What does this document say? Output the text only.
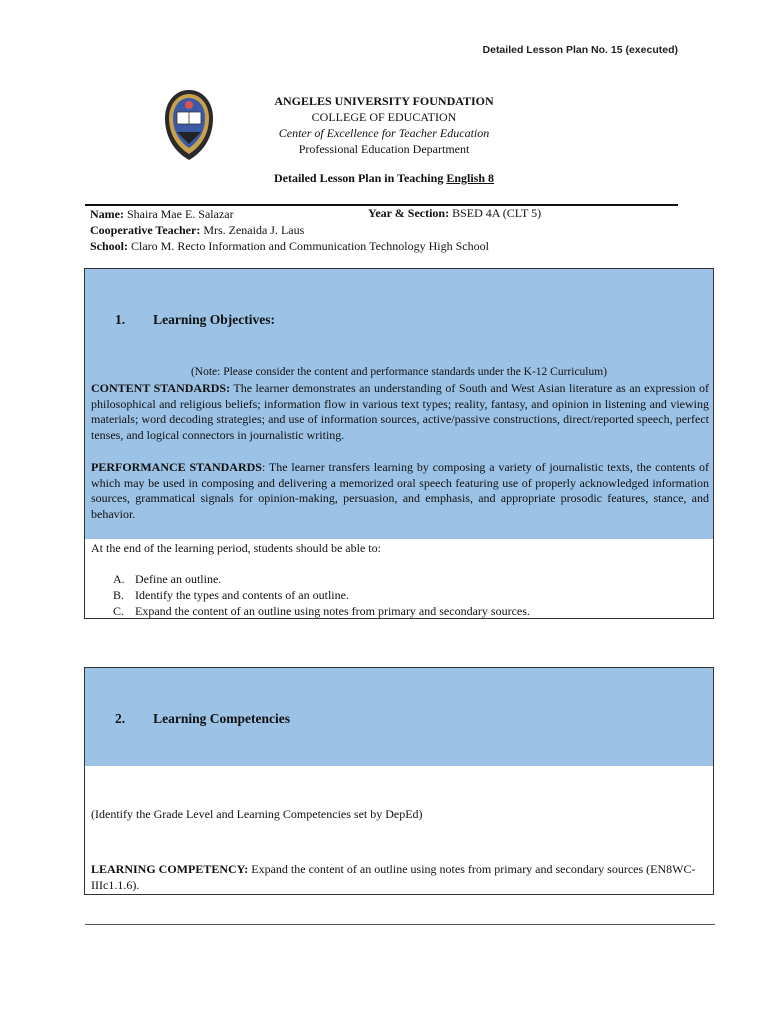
Detailed Lesson Plan No. 15 (executed)
ANGELES UNIVERSITY FOUNDATION
COLLEGE OF EDUCATION
Center of Excellence for Teacher Education
Professional Education Department
Detailed Lesson Plan in Teaching English 8
Name: Shaira Mae E. Salazar
Cooperative Teacher: Mrs. Zenaida J. Laus
School: Claro M. Recto Information and Communication Technology High School
Year & Section: BSED 4A (CLT 5)
1. Learning Objectives:
(Note: Please consider the content and performance standards under the K-12 Curriculum)
CONTENT STANDARDS: The learner demonstrates an understanding of South and West Asian literature as an expression of philosophical and religious beliefs; information flow in various text types; reality, fantasy, and opinion in listening and viewing materials; word decoding strategies; and use of information sources, active/passive constructions, direct/reported speech, perfect tenses, and logical connectors in journalistic writing.
PERFORMANCE STANDARDS: The learner transfers learning by composing a variety of journalistic texts, the contents of which may be used in composing and delivering a memorized oral speech featuring use of properly acknowledged information sources, grammatical signals for opinion-making, persuasion, and emphasis, and appropriate prosodic features, stance, and behavior.
At the end of the learning period, students should be able to:
A. Define an outline.
B. Identify the types and contents of an outline.
C. Expand the content of an outline using notes from primary and secondary sources.
2. Learning Competencies
(Identify the Grade Level and Learning Competencies set by DepEd)
LEARNING COMPETENCY: Expand the content of an outline using notes from primary and secondary sources (EN8WC-IIIc1.1.6).
